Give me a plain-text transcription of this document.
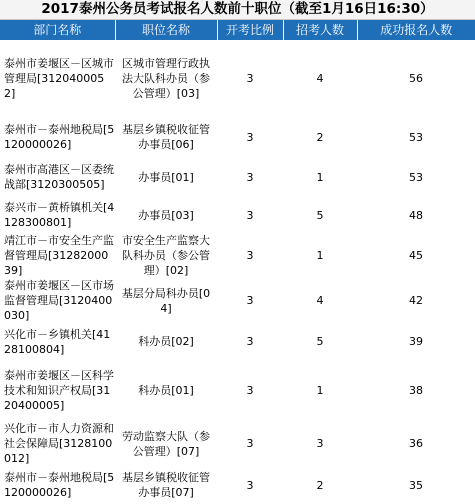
2017泰州公务员考试报名人数前十职位（截至1月16日16:30）
部门名称	职位名称	开考比例	招考人数	成功报名人数
泰州市姜堰区－区城市管理局[3120400052]	区城市管理行政执法大队科办员（参公管理）[03]	3	4	56
泰州市－泰州地税局[5120000026]	基层乡镇税收征管办事员[06]	3	2	53
泰州市高港区－区委统战部[3120300505]	办事员[01]	3	1	53
泰兴市－黄桥镇机关[4128300801]	办事员[03]	3	5	48
靖江市－市安全生产监督管理局[3128200039]	市安全生产监察大队科办员（参公管理）[02]	3	1	45
泰州市姜堰区－区市场监督管理局[3120400030]	基层分局科办员[04]	3	4	42
兴化市－乡镇机关[4128100804]	科办员[02]	3	5	39
泰州市姜堰区－区科学技术和知识产权局[3120400005]	科办员[01]	3	1	38
兴化市－市人力资源和社会保障局[3128100012]	劳动监察大队（参公管理）[07]	3	3	36
泰州市－泰州地税局[5120000026]	基层乡镇税收征管办事员[07]	3	2	35
